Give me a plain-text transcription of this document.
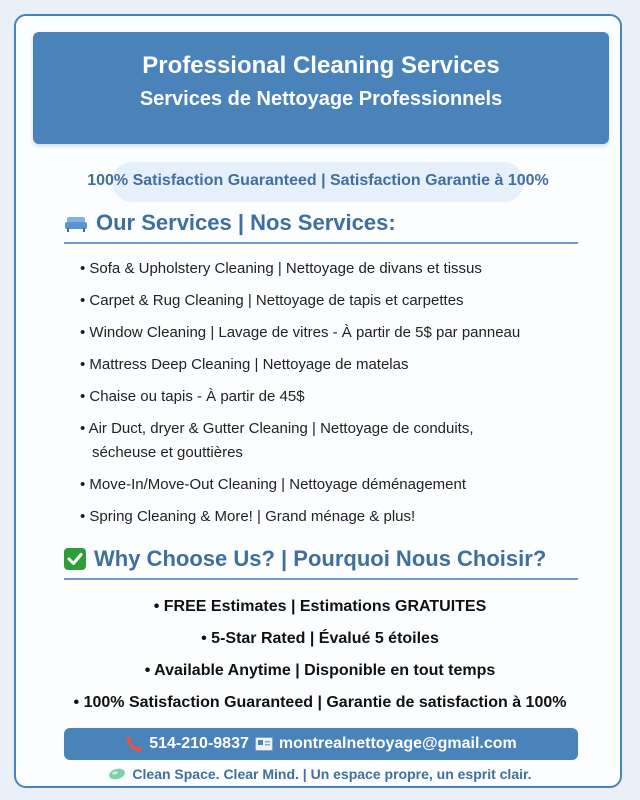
Professional Cleaning Services
Services de Nettoyage Professionnels
100% Satisfaction Guaranteed | Satisfaction Garantie à 100%
Our Services | Nos Services:
• Sofa & Upholstery Cleaning | Nettoyage de divans et tissus
• Carpet & Rug Cleaning | Nettoyage de tapis et carpettes
• Window Cleaning | Lavage de vitres - À partir de 5$ par panneau
• Mattress Deep Cleaning | Nettoyage de matelas
• Chaise ou tapis - À partir de 45$
• Air Duct, dryer & Gutter Cleaning | Nettoyage de conduits,
sécheuse et gouttières
• Move-In/Move-Out Cleaning | Nettoyage déménagement
• Spring Cleaning & More! | Grand ménage & plus!
Why Choose Us? | Pourquoi Nous Choisir?
• FREE Estimates | Estimations GRATUITES
• 5-Star Rated | Évalué 5 étoiles
• Available Anytime | Disponible en tout temps
• 100% Satisfaction Guaranteed | Garantie de satisfaction à 100%
514-210-9837 montrealnettoyage@gmail.com
Clean Space. Clear Mind. | Un espace propre, un esprit clair.
